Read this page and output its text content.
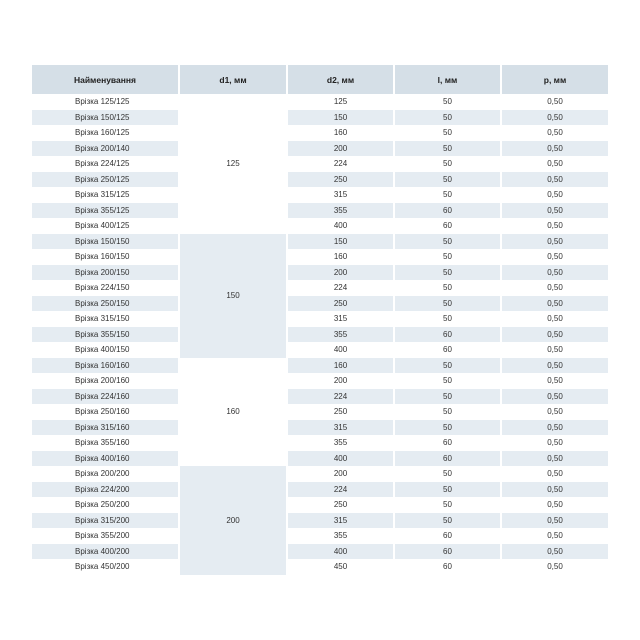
Найменування	d1, мм	d2, мм	l, мм	p, мм
Врізка 125/125	125	125	50	0,50
Врізка 150/125		150	50	0,50
Врізка 160/125		160	50	0,50
Врізка 200/140		200	50	0,50
Врізка 224/125		224	50	0,50
Врізка 250/125		250	50	0,50
Врізка 315/125		315	50	0,50
Врізка 355/125		355	60	0,50
Врізка 400/125		400	60	0,50
Врізка 150/150	150	150	50	0,50
Врізка 160/150		160	50	0,50
Врізка 200/150		200	50	0,50
Врізка 224/150		224	50	0,50
Врізка 250/150		250	50	0,50
Врізка 315/150		315	50	0,50
Врізка 355/150		355	60	0,50
Врізка 400/150		400	60	0,50
Врізка 160/160	160	160	50	0,50
Врізка 200/160		200	50	0,50
Врізка 224/160		224	50	0,50
Врізка 250/160		250	50	0,50
Врізка 315/160		315	50	0,50
Врізка 355/160		355	60	0,50
Врізка 400/160		400	60	0,50
Врізка 200/200	200	200	50	0,50
Врізка 224/200		224	50	0,50
Врізка 250/200		250	50	0,50
Врізка 315/200		315	50	0,50
Врізка 355/200		355	60	0,50
Врізка 400/200		400	60	0,50
Врізка 450/200		450	60	0,50
